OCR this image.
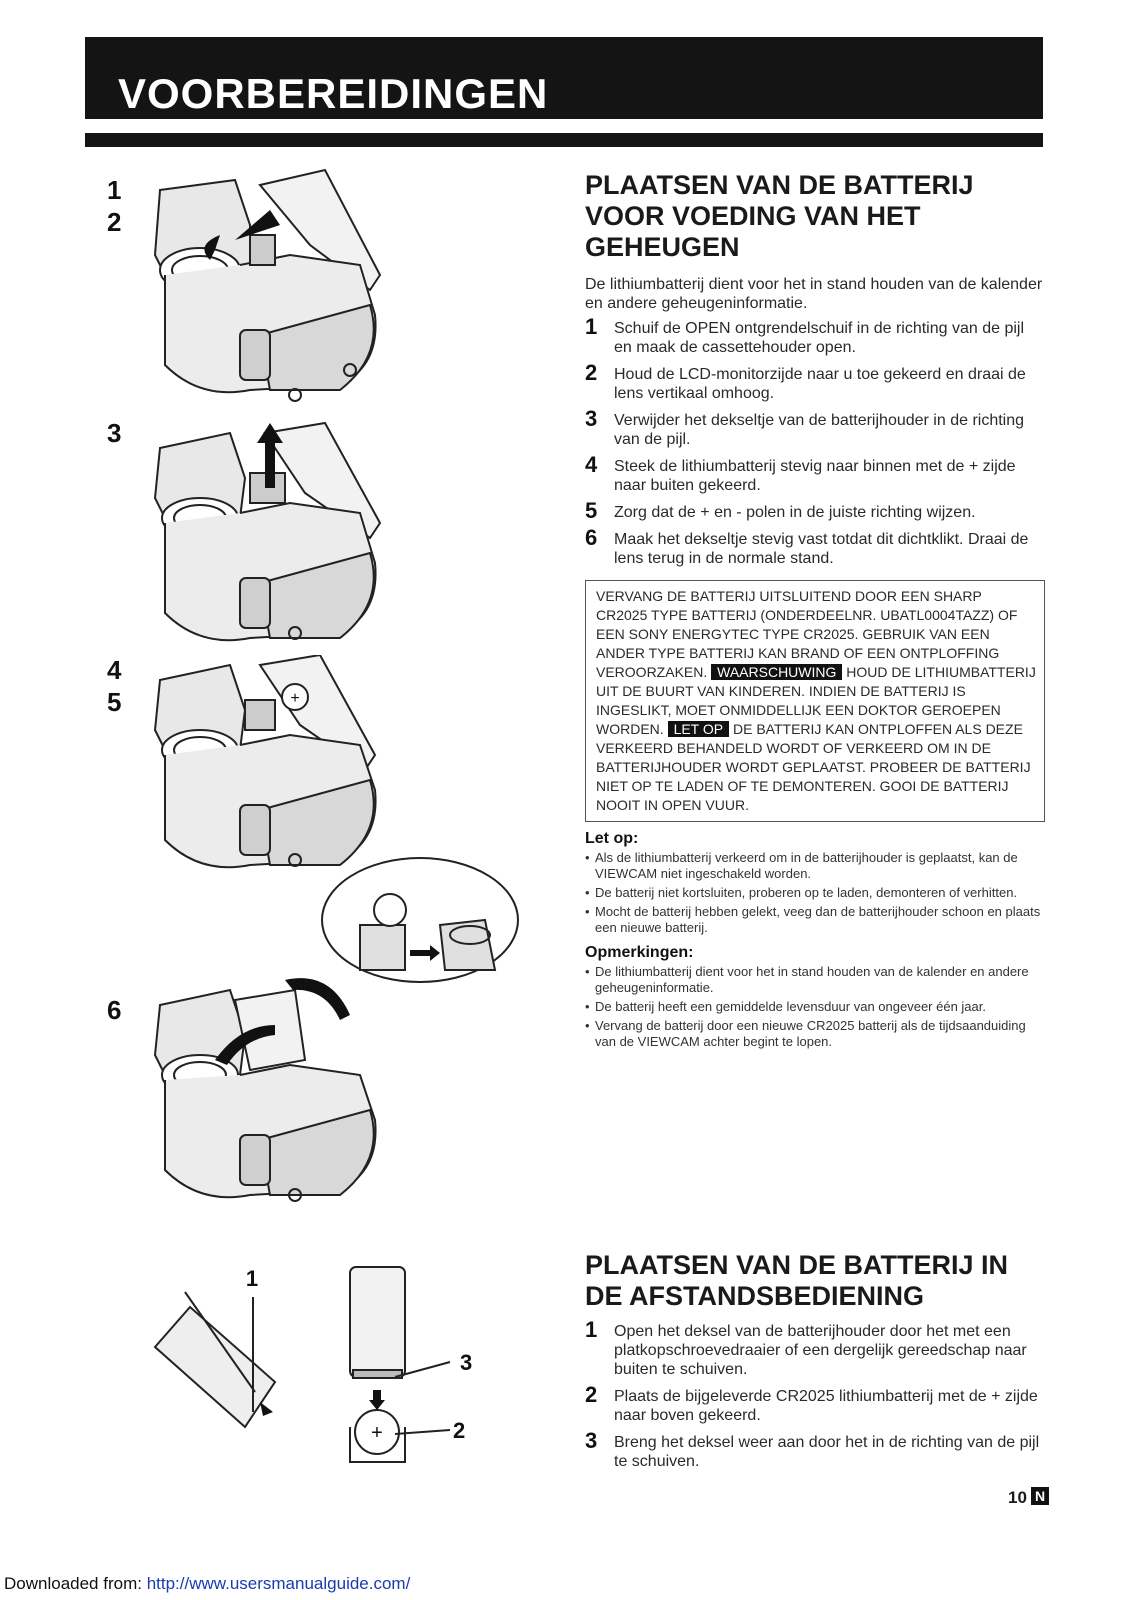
VOORBEREIDINGEN
1
2
3
4
5
6
+
1
3
2
+
PLAATSEN VAN DE BATTERIJ VOOR VOEDING VAN HET GEHEUGEN
De lithiumbatterij dient voor het in stand houden van de kalender en andere geheugeninformatie.
1 Schuif de OPEN ontgrendelschuif in de richting van de pijl en maak de cassettehouder open.
2 Houd de LCD-monitorzijde naar u toe gekeerd en draai de lens vertikaal omhoog.
3 Verwijder het dekseltje van de batterijhouder in de richting van de pijl.
4 Steek de lithiumbatterij stevig naar binnen met de + zijde naar buiten gekeerd.
5 Zorg dat de + en - polen in de juiste richting wijzen.
6 Maak het dekseltje stevig vast totdat dit dichtklikt. Draai de lens terug in de normale stand.
VERVANG DE BATTERIJ UITSLUITEND DOOR EEN SHARP CR2025 TYPE BATTERIJ (ONDERDEELNR. UBATL0004TAZZ) OF EEN SONY ENERGYTEC TYPE CR2025. GEBRUIK VAN EEN ANDER TYPE BATTERIJ KAN BRAND OF EEN ONTPLOFFING VEROORZAKEN. WAARSCHUWING HOUD DE LITHIUMBATTERIJ UIT DE BUURT VAN KINDEREN. INDIEN DE BATTERIJ IS INGESLIKT, MOET ONMIDDELLIJK EEN DOKTOR GEROEPEN WORDEN. LET OP DE BATTERIJ KAN ONTPLOFFEN ALS DEZE VERKEERD BEHANDELD WORDT OF VERKEERD OM IN DE BATTERIJHOUDER WORDT GEPLAATST. PROBEER DE BATTERIJ NIET OP TE LADEN OF TE DEMONTEREN. GOOI DE BATTERIJ NOOIT IN OPEN VUUR.
Let op:
• Als de lithiumbatterij verkeerd om in de batterijhouder is geplaatst, kan de VIEWCAM niet ingeschakeld worden.
• De batterij niet kortsluiten, proberen op te laden, demonteren of verhitten.
• Mocht de batterij hebben gelekt, veeg dan de batterijhouder schoon en plaats een nieuwe batterij.
Opmerkingen:
• De lithiumbatterij dient voor het in stand houden van de kalender en andere geheugeninformatie.
• De batterij heeft een gemiddelde levensduur van ongeveer één jaar.
• Vervang de batterij door een nieuwe CR2025 batterij als de tijdsaanduiding van de VIEWCAM achter begint te lopen.
PLAATSEN VAN DE BATTERIJ IN DE AFSTANDSBEDIENING
1 Open het deksel van de batterijhouder door het met een platkopschroevedraaier of een dergelijk gereedschap naar buiten te schuiven.
2 Plaats de bijgeleverde CR2025 lithiumbatterij met de + zijde naar boven gekeerd.
3 Breng het deksel weer aan door het in de richting van de pijl te schuiven.
10 N
Downloaded from: http://www.usersmanualguide.com/
